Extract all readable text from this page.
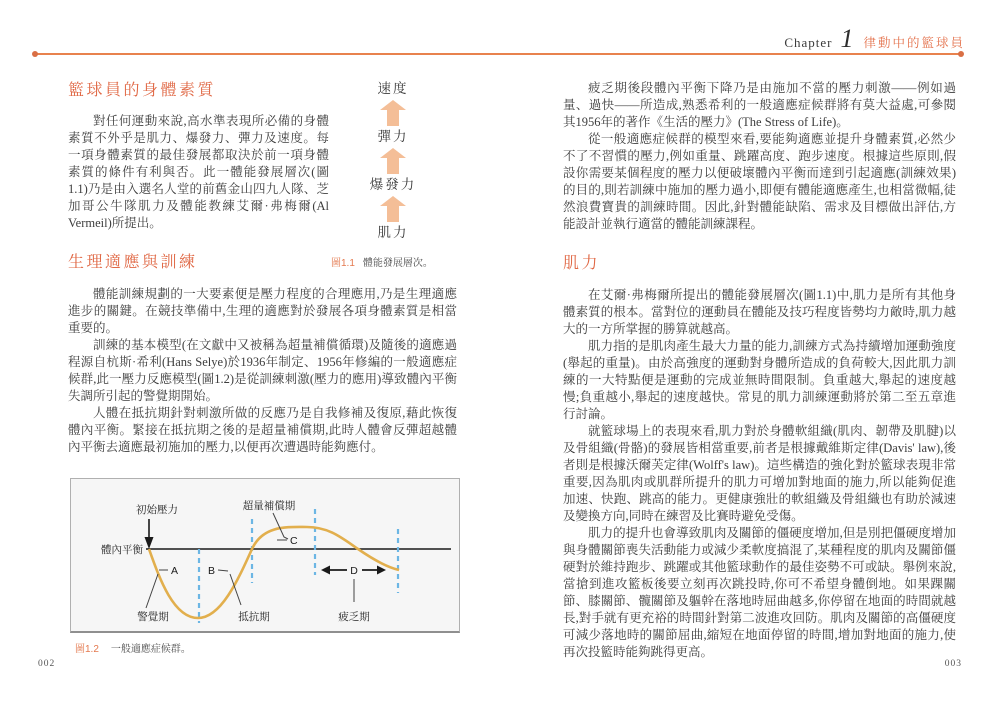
Chapter 1 律動中的籃球員
速度
彈力
爆發力
肌力
圖1.1 體能發展層次。
籃球員的身體素質

對任何運動來說,高水準表現所必備的身體素質不外乎是肌力、爆發力、彈力及速度。每一項身體素質的最佳發展都取決於前一項身體素質的條件有利與否。此一體能發展層次(圖1.1)乃是由入選名人堂的前舊金山四九人隊、芝加哥公牛隊肌力及體能教練艾爾·弗梅爾(Al Vermeil)所提出。

生理適應與訓練

體能訓練規劃的一大要素便是壓力程度的合理應用,乃是生理適應進步的關鍵。在競技準備中,生理的適應對於發展各項身體素質是相當重要的。

訓練的基本模型(在文獻中又被稱為超量補償循環)及隨後的適應過程源自杭斯·希利(Hans Selye)於1936年制定、1956年修編的一般適應症候群,此一壓力反應模型(圖1.2)是從訓練刺激(壓力的應用)導致體內平衡失調所引起的警覺期開始。

人體在抵抗期針對刺激所做的反應乃是自我修補及復原,藉此恢復體內平衡。緊接在抵抗期之後的是超量補償期,此時人體會反彈超越體內平衡去適應最初施加的壓力,以便再次遭遇時能夠應付。

初始壓力
體內平衡
超量補償期
C
A
警覺期
B
抵抗期
D
疲乏期
圖1.2 一般適應症候群。

疲乏期後段體內平衡下降乃是由施加不當的壓力刺激——例如過量、過快——所造成,熟悉希利的一般適應症候群將有莫大益處,可參閱其1956年的著作《生活的壓力》(The Stress of Life)。

從一般適應症候群的模型來看,要能夠適應並提升身體素質,必然少不了不習慣的壓力,例如重量、跳躍高度、跑步速度。根據這些原則,假設你需要某個程度的壓力以便破壞體內平衡而達到引起適應(訓練效果)的目的,則若訓練中施加的壓力過小,即便有體能適應產生,也相當微幅,徒然浪費寶貴的訓練時間。因此,針對體能缺陷、需求及目標做出評估,方能設計並執行適當的體能訓練課程。

肌力

在艾爾·弗梅爾所提出的體能發展層次(圖1.1)中,肌力是所有其他身體素質的根本。當對位的運動員在體能及技巧程度皆勢均力敵時,肌力越大的一方所掌握的勝算就越高。

肌力指的是肌肉產生最大力量的能力,訓練方式為持續增加運動強度(舉起的重量)。由於高強度的運動對身體所造成的負荷較大,因此肌力訓練的一大特點便是運動的完成並無時間限制。負重越大,舉起的速度越慢;負重越小,舉起的速度越快。常見的肌力訓練運動將於第二至五章進行討論。

就籃球場上的表現來看,肌力對於身體軟組織(肌肉、韌帶及肌腱)以及骨組織(骨骼)的發展皆相當重要,前者是根據戴維斯定律(Davis' law),後者則是根據沃爾芙定律(Wolff's law)。這些構造的強化對於籃球表現非常重要,因為肌肉或肌群所提升的肌力可增加對地面的施力,所以能夠促進加速、快跑、跳高的能力。更健康強壯的軟組織及骨組織也有助於減速及變換方向,同時在練習及比賽時避免受傷。

肌力的提升也會導致肌肉及關節的僵硬度增加,但是別把僵硬度增加與身體關節喪失活動能力或減少柔軟度搞混了,某種程度的肌肉及關節僵硬對於維持跑步、跳躍或其他籃球動作的最佳姿勢不可或缺。舉例來說,當搶到進攻籃板後要立刻再次跳投時,你可不希望身體倒地。如果踝關節、膝關節、髖關節及軀幹在落地時屈曲越多,你停留在地面的時間就越長,對手就有更充裕的時間針對第二波進攻回防。肌肉及關節的高僵硬度可減少落地時的關節屈曲,縮短在地面停留的時間,增加對地面的施力,使再次投籃時能夠跳得更高。

002	003
